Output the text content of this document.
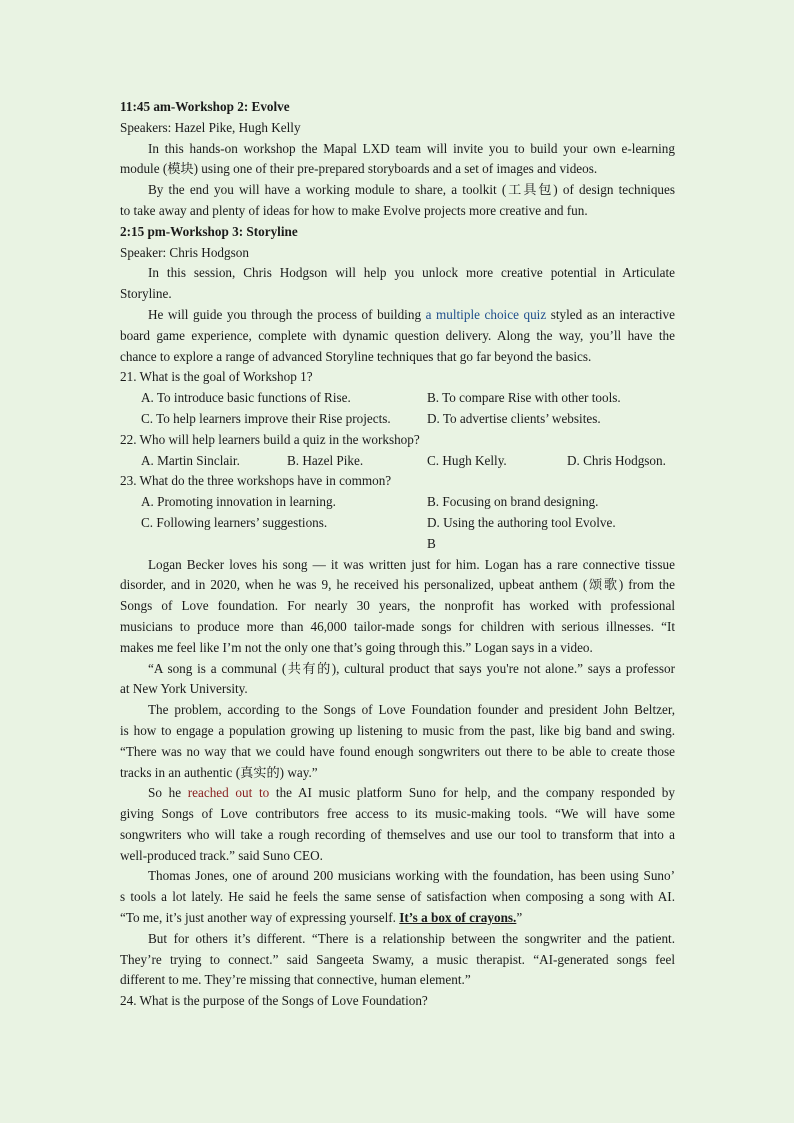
11:45 am-Workshop 2: Evolve
Speakers: Hazel Pike, Hugh Kelly
In this hands-on workshop the Mapal LXD team will invite you to build your own e-learning
module (模块) using one of their pre-prepared storyboards and a set of images and videos.
By the end you will have a working module to share, a toolkit (工具包) of design techniques
to take away and plenty of ideas for how to make Evolve projects more creative and fun.
2:15 pm-Workshop 3: Storyline
Speaker: Chris Hodgson
In this session, Chris Hodgson will help you unlock more creative potential in Articulate
Storyline.
He will guide you through the process of building a multiple choice quiz styled as an interactive
board game experience, complete with dynamic question delivery. Along the way, you’ll have the
chance to explore a range of advanced Storyline techniques that go far beyond the basics.
21. What is the goal of Workshop 1?
A. To introduce basic functions of Rise.	B. To compare Rise with other tools.
C. To help learners improve their Rise projects.	D. To advertise clients’ websites.
22. Who will help learners build a quiz in the workshop?
A. Martin Sinclair.	B. Hazel Pike.	C. Hugh Kelly.	D. Chris Hodgson.
23. What do the three workshops have in common?
A. Promoting innovation in learning.	B. Focusing on brand designing.
C. Following learners’ suggestions.	D. Using the authoring tool Evolve.
B
Logan Becker loves his song — it was written just for him. Logan has a rare connective tissue
disorder, and in 2020, when he was 9, he received his personalized, upbeat anthem (颂歌) from the
Songs of Love foundation. For nearly 30 years, the nonprofit has worked with professional
musicians to produce more than 46,000 tailor-made songs for children with serious illnesses. “It
makes me feel like I’m not the only one that’s going through this.” Logan says in a video.
“A song is a communal (共有的), cultural product that says you're not alone.” says a professor
at New York University.
The problem, according to the Songs of Love Foundation founder and president John Beltzer,
is how to engage a population growing up listening to music from the past, like big band and swing.
“There was no way that we could have found enough songwriters out there to be able to create those
tracks in an authentic (真实的) way.”
So he reached out to the AI music platform Suno for help, and the company responded by
giving Songs of Love contributors free access to its music-making tools. “We will have some
songwriters who will take a rough recording of themselves and use our tool to transform that into a
well-produced track.” said Suno CEO.
Thomas Jones, one of around 200 musicians working with the foundation, has been using Suno’
s tools a lot lately. He said he feels the same sense of satisfaction when composing a song with AI.
“To me, it’s just another way of expressing yourself. It’s a box of crayons.”
But for others it’s different. “There is a relationship between the songwriter and the patient.
They’re trying to connect.” said Sangeeta Swamy, a music therapist. “AI-generated songs feel
different to me. They’re missing that connective, human element.”
24. What i‌s the purpose of the Songs of Love Foundation?
